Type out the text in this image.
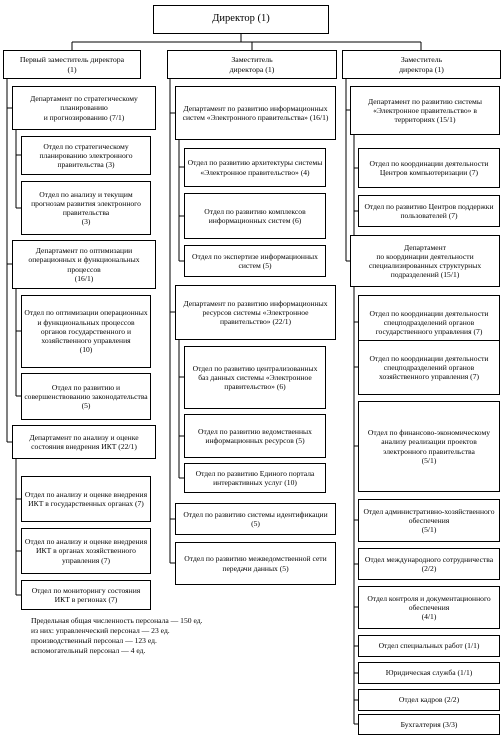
Директор (1)
Первый заместитель директора
(1)
Департамент по стратегическому планированию
и прогнозированию (7/1)
Отдел по стратегическому планированию электронного правительства (3)
Отдел по анализу и текущим прогнозам развития электронного правительства
(3)
Департамент по оптимизации операционных и функциональных процессов
(16/1)
Отдел по оптимизации операционных и функциональных процессов органов государственного и хозяйственного управления
(10)
Отдел по развитию и совершенствованию законодательства (5)
Департамент по анализу и оценке состояния внедрения ИКТ (22/1)
Отдел по анализу и оценке внедрения ИКТ в государственных органах (7)
Отдел по анализу и оценке внедрения ИКТ в органах хозяйственного управления (7)
Отдел по мониторингу состояния ИКТ в регионах (7)
Заместитель
директора (1)
Департамент по развитию информационных систем «Электронного правительства» (16/1)
Отдел по развитию архитектуры системы «Электронное правительство» (4)
Отдел по развитию комплексов информационных систем (6)
Отдел по экспертизе информационных систем (5)
Департамент по развитию информационных ресурсов системы «Электронное правительство» (22/1)
Отдел по развитию централизованных баз данных системы «Электронное правительство» (6)
Отдел по развитию ведомственных информационных ресурсов (5)
Отдел по развитию Единого портала интерактивных услуг (10)
Отдел по развитию системы идентификации (5)
Отдел по развитию межведомственной сети передачи данных (5)
Заместитель
директора (1)
Департамент по развитию системы «Электронное правительство» в территориях (15/1)
Отдел по координации деятельности Центров компьютеризации (7)
Отдел по развитию Центров поддержки пользователей (7)
Департамент
по координации деятельности специализированных структурных подразделений (15/1)
Отдел по координации деятельности спецподразделений органов государственного управления (7)
Отдел по координации деятельности спецподразделений органов хозяйственного управления (7)
Отдел по финансово-экономическому анализу реализации проектов электронного правительства
(5/1)
Отдел административно-хозяйственного обеспечения
(5/1)
Отдел международного сотрудничества (2/2)
Отдел контроля и документационного обеспечения
(4/1)
Отдел специальных работ (1/1)
Юридическая служба (1/1)
Отдел кадров (2/2)
Бухгалтерия (3/3)
Предельная общая численность персонала — 150 ед.
из них: управленческий персонал — 23 ед.
производственный персонал — 123 ед.
вспомогательный персонал — 4 ед.
